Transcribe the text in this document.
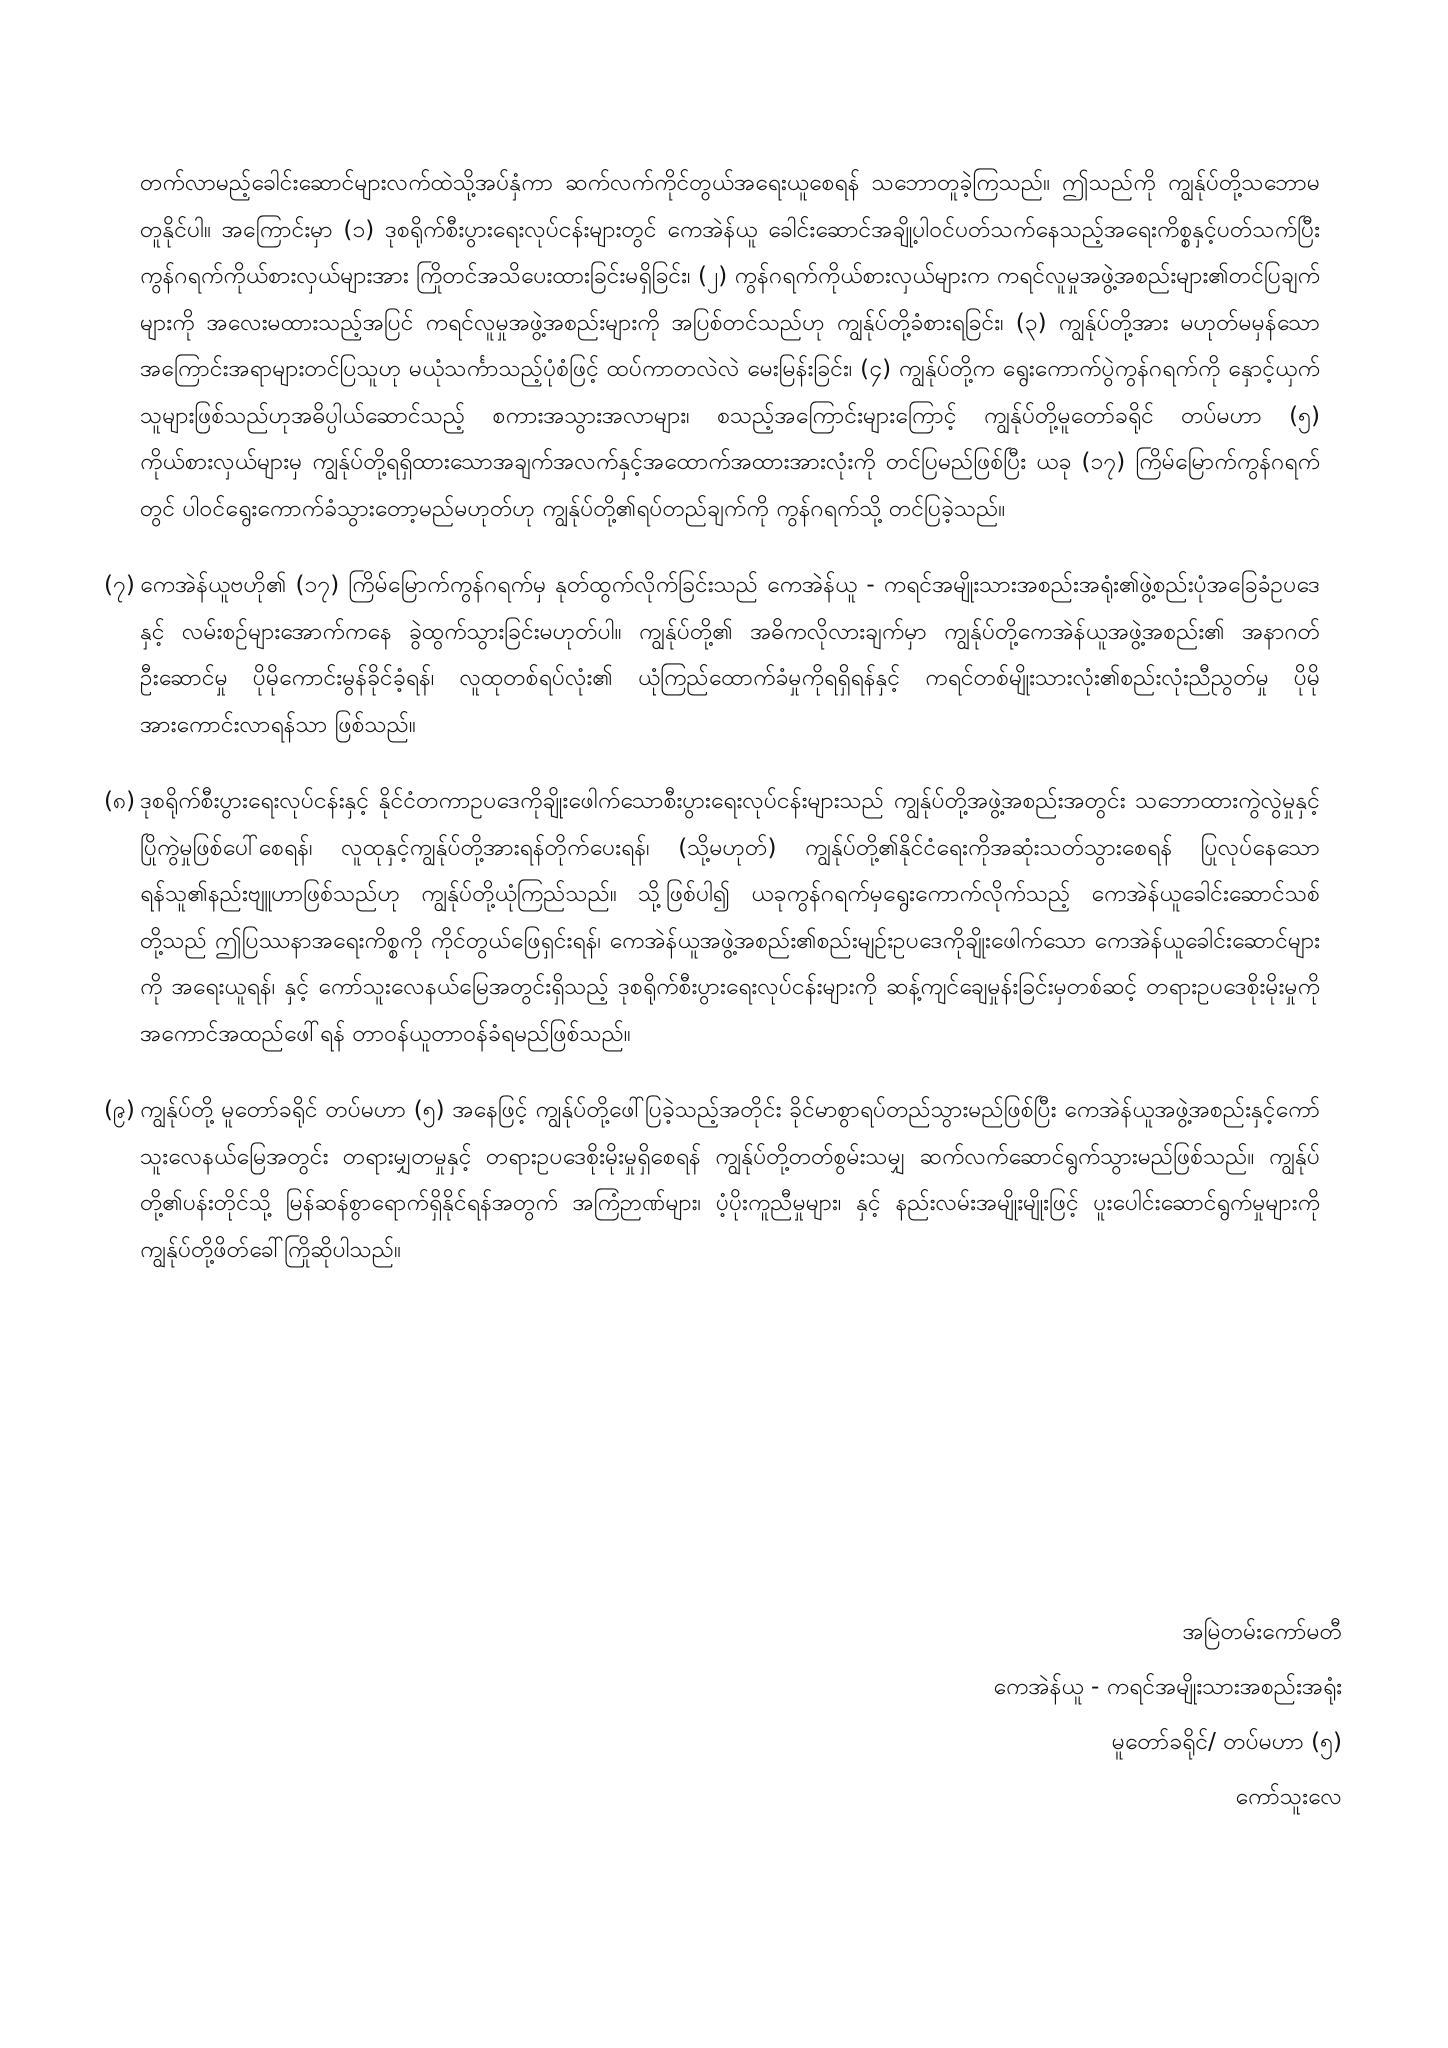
တက်လာမည့်ခေါင်းဆောင်များလက်ထဲသို့အပ်နှံကာ ဆက်လက်ကိုင်တွယ်အရေးယူစေရန် သဘောတူခဲ့ကြသည်။ ဤသည်ကို ကျွန်ုပ်တို့သဘောမတူနိုင်ပါ။ အကြောင်းမှာ (၁) ဒုစရိုက်စီးပွားရေးလုပ်ငန်းများတွင် ကေအဲန်ယူ ခေါင်းဆောင်အချို့ပါဝင်ပတ်သက်နေသည့်အရေးကိစ္စနှင့်ပတ်သက်ပြီး ကွန်ဂရက်ကိုယ်စားလှယ်များအား ကြိုတင်အသိပေးထားခြင်းမရှိခြင်း၊ (၂) ကွန်ဂရက်ကိုယ်စားလှယ်များက ကရင်လူမှုအဖွဲ့အစည်းများ၏တင်ပြချက်များကို အလေးမထားသည့်အပြင် ကရင်လူမှုအဖွဲ့အစည်းများကို အပြစ်တင်သည်ဟု ကျွန်ုပ်တို့ခံစားရခြင်း၊ (၃) ကျွန်ုပ်တို့အား မဟုတ်မမှန်သောအကြောင်းအရာများတင်ပြသူဟု မယုံသင်္ကာသည့်ပုံစံဖြင့် ထပ်ကာတလဲလဲ မေးမြန်းခြင်း၊ (၄) ကျွန်ုပ်တို့က ရွေးကောက်ပွဲကွန်ဂရက်ကို နှောင့်ယှက်သူများဖြစ်သည်ဟုအဓိပ္ပါယ်ဆောင်သည့် စကားအသွားအလာများ၊ စသည့်အကြောင်းများကြောင့် ကျွန်ုပ်တို့မူတော်ခရိုင် တပ်မဟာ (၅) ကိုယ်စားလှယ်များမှ ကျွန်ုပ်တို့ရရှိထားသောအချက်အလက်နှင့်အထောက်အထားအားလုံးကို တင်ပြမည်ဖြစ်ပြီး ယခု (၁၇) ကြိမ်မြောက်ကွန်ဂရက်တွင် ပါဝင်ရွေးကောက်ခံသွားတော့မည်မဟုတ်ဟု ကျွန်ုပ်တို့၏ရပ်တည်ချက်ကို ကွန်ဂရက်သို့ တင်ပြခဲ့သည်။

(၇) ကေအဲန်ယူဗဟို၏ (၁၇) ကြိမ်မြောက်ကွန်ဂရက်မှ နုတ်ထွက်လိုက်ခြင်းသည် ကေအဲန်ယူ - ကရင်အမျိုးသားအစည်းအရုံး၏ဖွဲ့စည်းပုံအခြေခံဥပဒေနှင့် လမ်းစဉ်များအောက်ကနေ ခွဲထွက်သွားခြင်းမဟုတ်ပါ။ ကျွန်ုပ်တို့၏ အဓိကလိုလားချက်မှာ ကျွန်ုပ်တို့ကေအဲန်ယူအဖွဲ့အစည်း၏ အနာဂတ်ဦးဆောင်မှု ပိုမိုကောင်းမွန်ခိုင်ခံ့ရန်၊ လူထုတစ်ရပ်လုံး၏ ယုံကြည်ထောက်ခံမှုကိုရရှိရန်နှင့် ကရင်တစ်မျိုးသားလုံး၏စည်းလုံးညီညွတ်မှု ပိုမိုအားကောင်းလာရန်သာ ဖြစ်သည်။

(၈) ဒုစရိုက်စီးပွားရေးလုပ်ငန်းနှင့် နိုင်ငံတကာဥပဒေကိုချိုးဖေါက်သောစီးပွားရေးလုပ်ငန်းများသည် ကျွန်ုပ်တို့အဖွဲ့အစည်းအတွင်း သဘောထားကွဲလွဲမှုနှင့်ပြိုကွဲမှုဖြစ်ပေါ်စေရန်၊ လူထုနှင့်ကျွန်ုပ်တို့အားရန်တိုက်ပေးရန်၊ (သို့မဟုတ်) ကျွန်ုပ်တို့၏နိုင်ငံရေးကိုအဆုံးသတ်သွားစေရန် ပြုလုပ်နေသောရန်သူ၏နည်းဗျူဟာဖြစ်သည်ဟု ကျွန်ုပ်တို့ယုံကြည်သည်။ သို့ဖြစ်ပါ၍ ယခုကွန်ဂရက်မှရွေးကောက်လိုက်သည့် ကေအဲန်ယူခေါင်းဆောင်သစ်တို့သည် ဤပြဿနာအရေးကိစ္စကို ကိုင်တွယ်ဖြေရှင်းရန်၊ ကေအဲန်ယူအဖွဲ့အစည်း၏စည်းမျဉ်းဥပဒေကိုချိုးဖေါက်သော ကေအဲန်ယူခေါင်းဆောင်များကို အရေးယူရန်၊ နှင့် ကော်သူးလေနယ်မြေအတွင်းရှိသည့် ဒုစရိုက်စီးပွားရေးလုပ်ငန်းများကို ဆန့်ကျင်ချေမှုန်းခြင်းမှတစ်ဆင့် တရားဥပဒေစိုးမိုးမှုကို အကောင်အထည်ဖေါ်ရန် တာဝန်ယူတာဝန်ခံရမည်ဖြစ်သည်။

(၉) ကျွန်ုပ်တို့ မူတော်ခရိုင် တပ်မဟာ (၅) အနေဖြင့် ကျွန်ုပ်တို့ဖေါ်ပြခဲ့သည့်အတိုင်း ခိုင်မာစွာရပ်တည်သွားမည်ဖြစ်ပြီး ကေအဲန်ယူအဖွဲ့အစည်းနှင့်ကော်သူးလေနယ်မြေအတွင်း တရားမျှတမှုနှင့် တရားဥပဒေစိုးမိုးမှုရှိစေရန် ကျွန်ုပ်တို့တတ်စွမ်းသမျှ ဆက်လက်ဆောင်ရွက်သွားမည်ဖြစ်သည်။ ကျွန်ုပ်တို့၏ပန်းတိုင်သို့ မြန်ဆန်စွာရောက်ရှိနိုင်ရန်အတွက် အကြံဉာဏ်များ၊ ပံ့ပိုးကူညီမှုများ၊ နှင့် နည်းလမ်းအမျိုးမျိုးဖြင့် ပူးပေါင်းဆောင်ရွက်မှုများကို ကျွန်ုပ်တို့ဖိတ်ခေါ်ကြိုဆိုပါသည်။

အမြဲတမ်းကော်မတီ
ကေအဲန်ယူ - ကရင်အမျိုးသားအစည်းအရုံး
မူတော်ခရိုင်/ တပ်မဟာ (၅)
ကော်သူးလေ
